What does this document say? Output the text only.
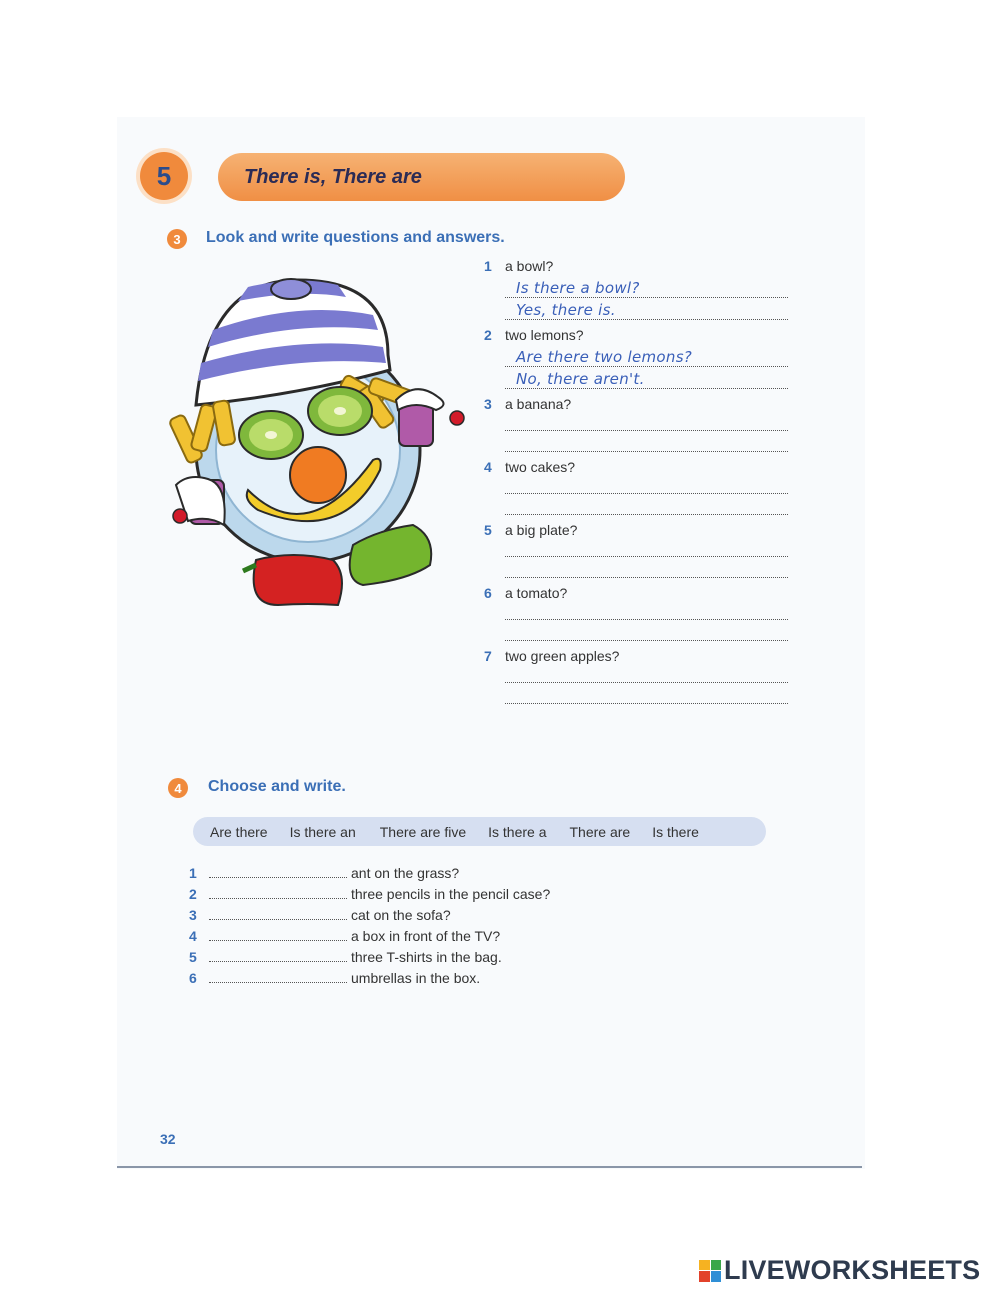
5	There is, There are
3	Look and write questions and answers.
1 a bowl?
Is there a bowl?
Yes, there is.
2 two lemons?
Are there two lemons?
No, there aren't.
3 a banana?
4 two cakes?
5 a big plate?
6 a tomato?
7 two green apples?
4	Choose and write.
Are there Is there an There are five Is there a There are Is there
1	ant on the grass?
2	three pencils in the pencil case?
3	cat on the sofa?
4	a box in front of the TV?
5	three T-shirts in the bag.
6	umbrellas in the box.
32
LIVEWORKSHEETS
